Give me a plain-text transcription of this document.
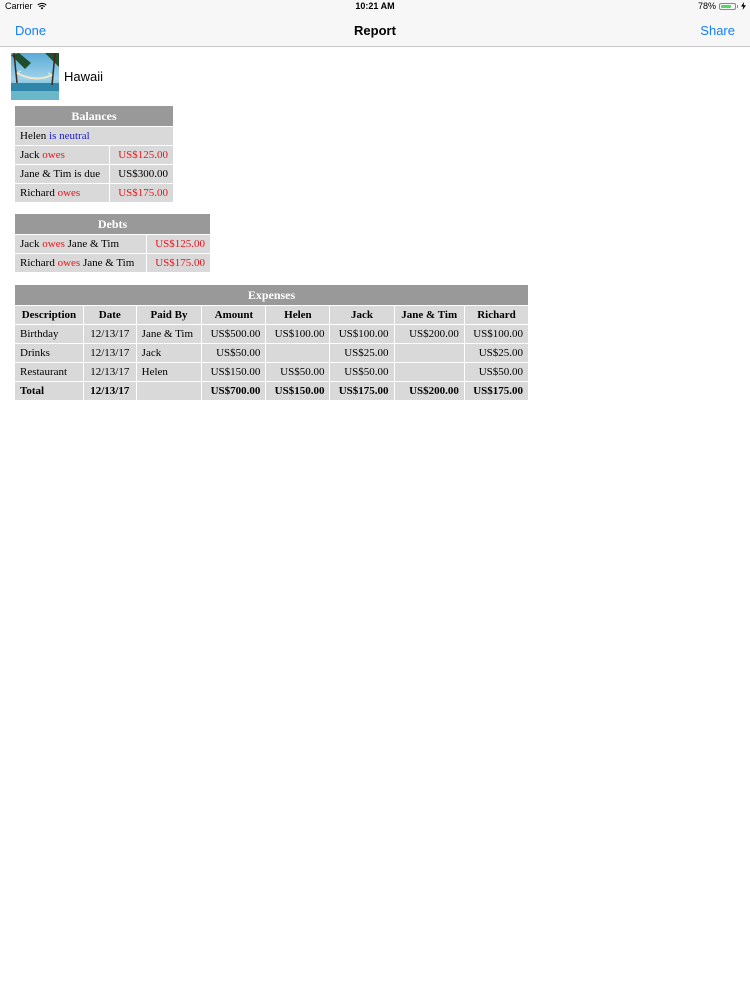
Carrier	10:21 AM	78%
Done	Report	Share
Hawaii
Balances	
Helen is neutral	
Jack owes	US$125.00
Jane & Tim is due	US$300.00
Richard owes	US$175.00
Debts	
Jack owes Jane & Tim	US$125.00
Richard owes Jane & Tim	US$175.00
Expenses							
Description	Date	Paid By	Amount	Helen	Jack	Jane & Tim	Richard
Birthday	12/13/17	Jane & Tim	US$500.00	US$100.00	US$100.00	US$200.00	US$100.00
Drinks	12/13/17	Jack	US$50.00		US$25.00		US$25.00
Restaurant	12/13/17	Helen	US$150.00	US$50.00	US$50.00		US$50.00
Total	12/13/17		US$700.00	US$150.00	US$175.00	US$200.00	US$175.00
